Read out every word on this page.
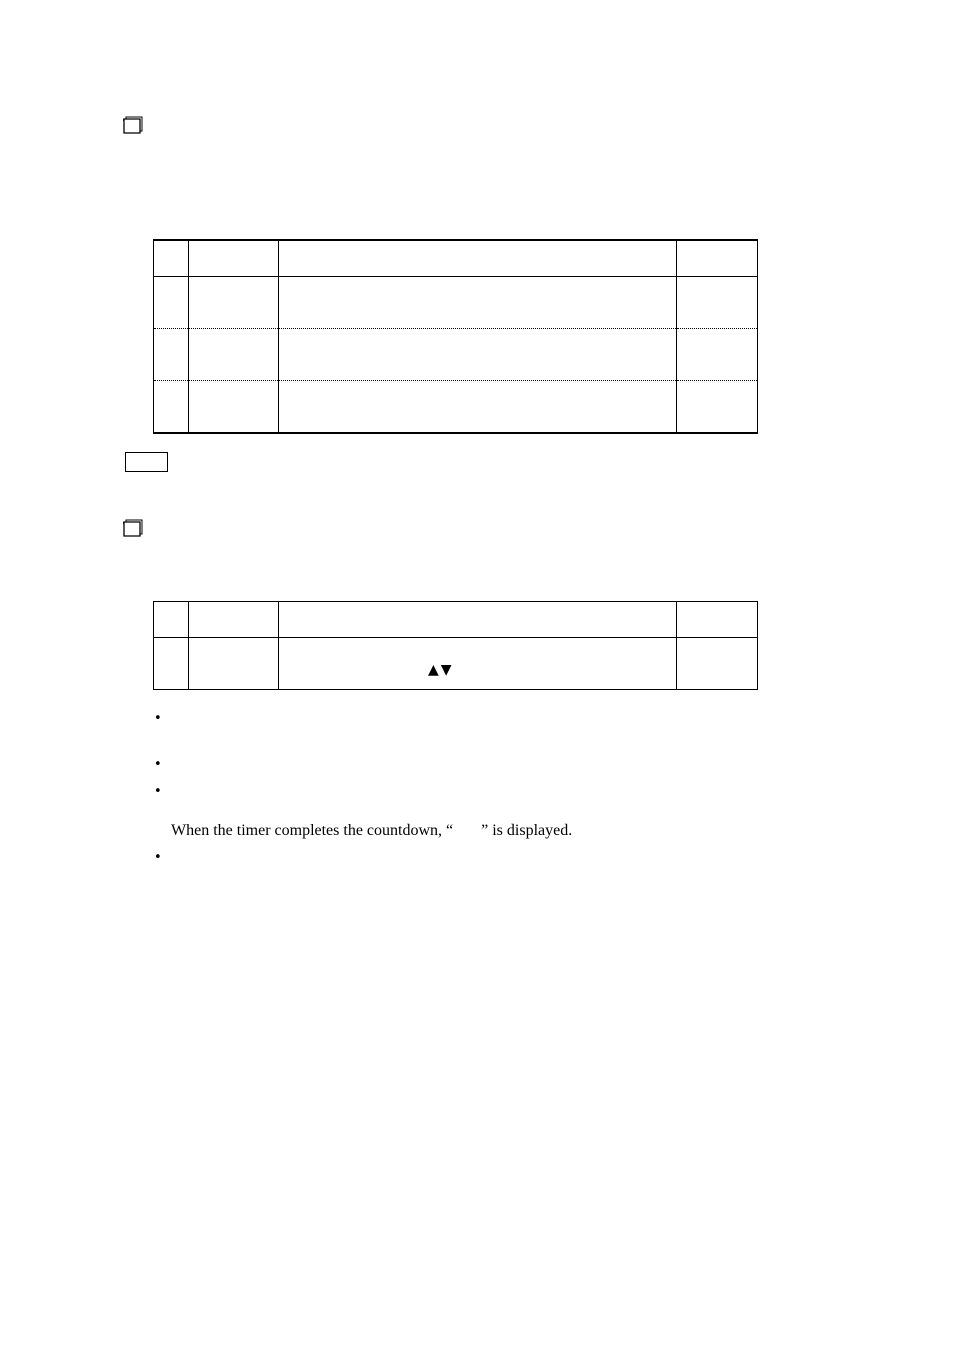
▲▼
•
•
•
•
When the timer completes the countdown, “       ” is displayed.
